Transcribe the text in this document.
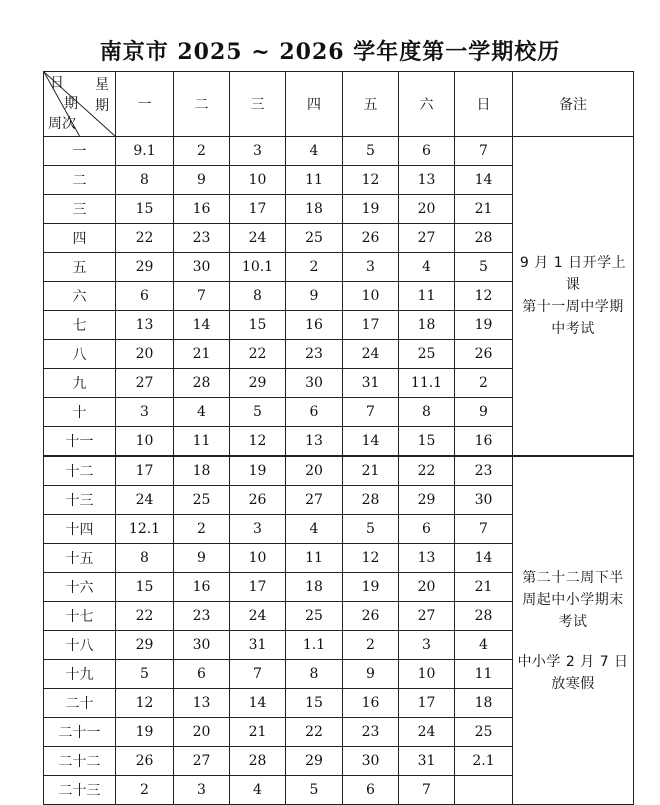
南京市 2025 ~ 2026 学年度第一学期校历
日 星
期 期
周次	一	二	三	四	五	六	日	备注
一	9.1	2	3	4	5	6	7	9 月 1 日开学上课
第十一周中学期
中考试

二	8	9	10	11	12	13	14	
三	15	16	17	18	19	20	21	
四	22	23	24	25	26	27	28	
五	29	30	10.1	2	3	4	5	
六	6	7	8	9	10	11	12	
七	13	14	15	16	17	18	19	
八	20	21	22	23	24	25	26	
九	27	28	29	30	31	11.1	2	
十	3	4	5	6	7	8	9	
十一	10	11	12	13	14	15	16	
十二	17	18	19	20	21	22	23	第二十二周下半
周起中小学期末
考试
中小学 2 月 7 日
放寒假

十三	24	25	26	27	28	29	30	
十四	12.1	2	3	4	5	6	7	
十五	8	9	10	11	12	13	14	
十六	15	16	17	18	19	20	21	
十七	22	23	24	25	26	27	28	
十八	29	30	31	1.1	2	3	4	
十九	5	6	7	8	9	10	11	
二十	12	13	14	15	16	17	18	
二十一	19	20	21	22	23	24	25	
二十二	26	27	28	29	30	31	2.1	
二十三	2	3	4	5	6	7		
